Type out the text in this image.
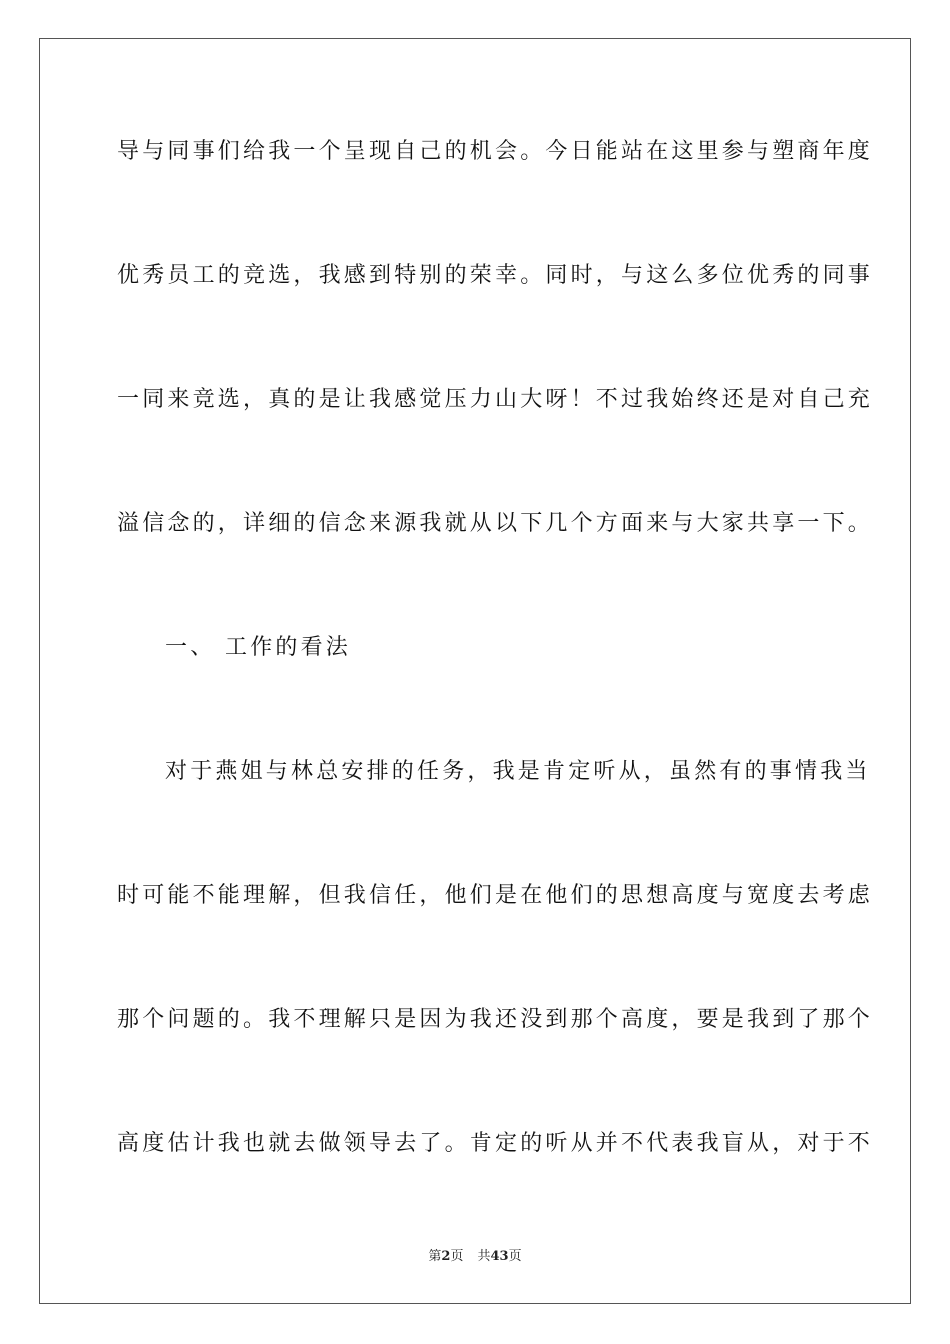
导与同事们给我一个呈现自己的机会。今日能站在这里参与塑商年度
优秀员工的竞选，我感到特别的荣幸。同时，与这么多位优秀的同事
一同来竞选，真的是让我感觉压力山大呀！不过我始终还是对自己充
溢信念的，详细的信念来源我就从以下几个方面来与大家共享一下。
一、 工作的看法
对于燕姐与林总安排的任务，我是肯定听从，虽然有的事情我当
时可能不能理解，但我信任，他们是在他们的思想高度与宽度去考虑
那个问题的。我不理解只是因为我还没到那个高度，要是我到了那个
高度估计我也就去做领导去了。肯定的听从并不代表我盲从，对于不
第2页 共43页
